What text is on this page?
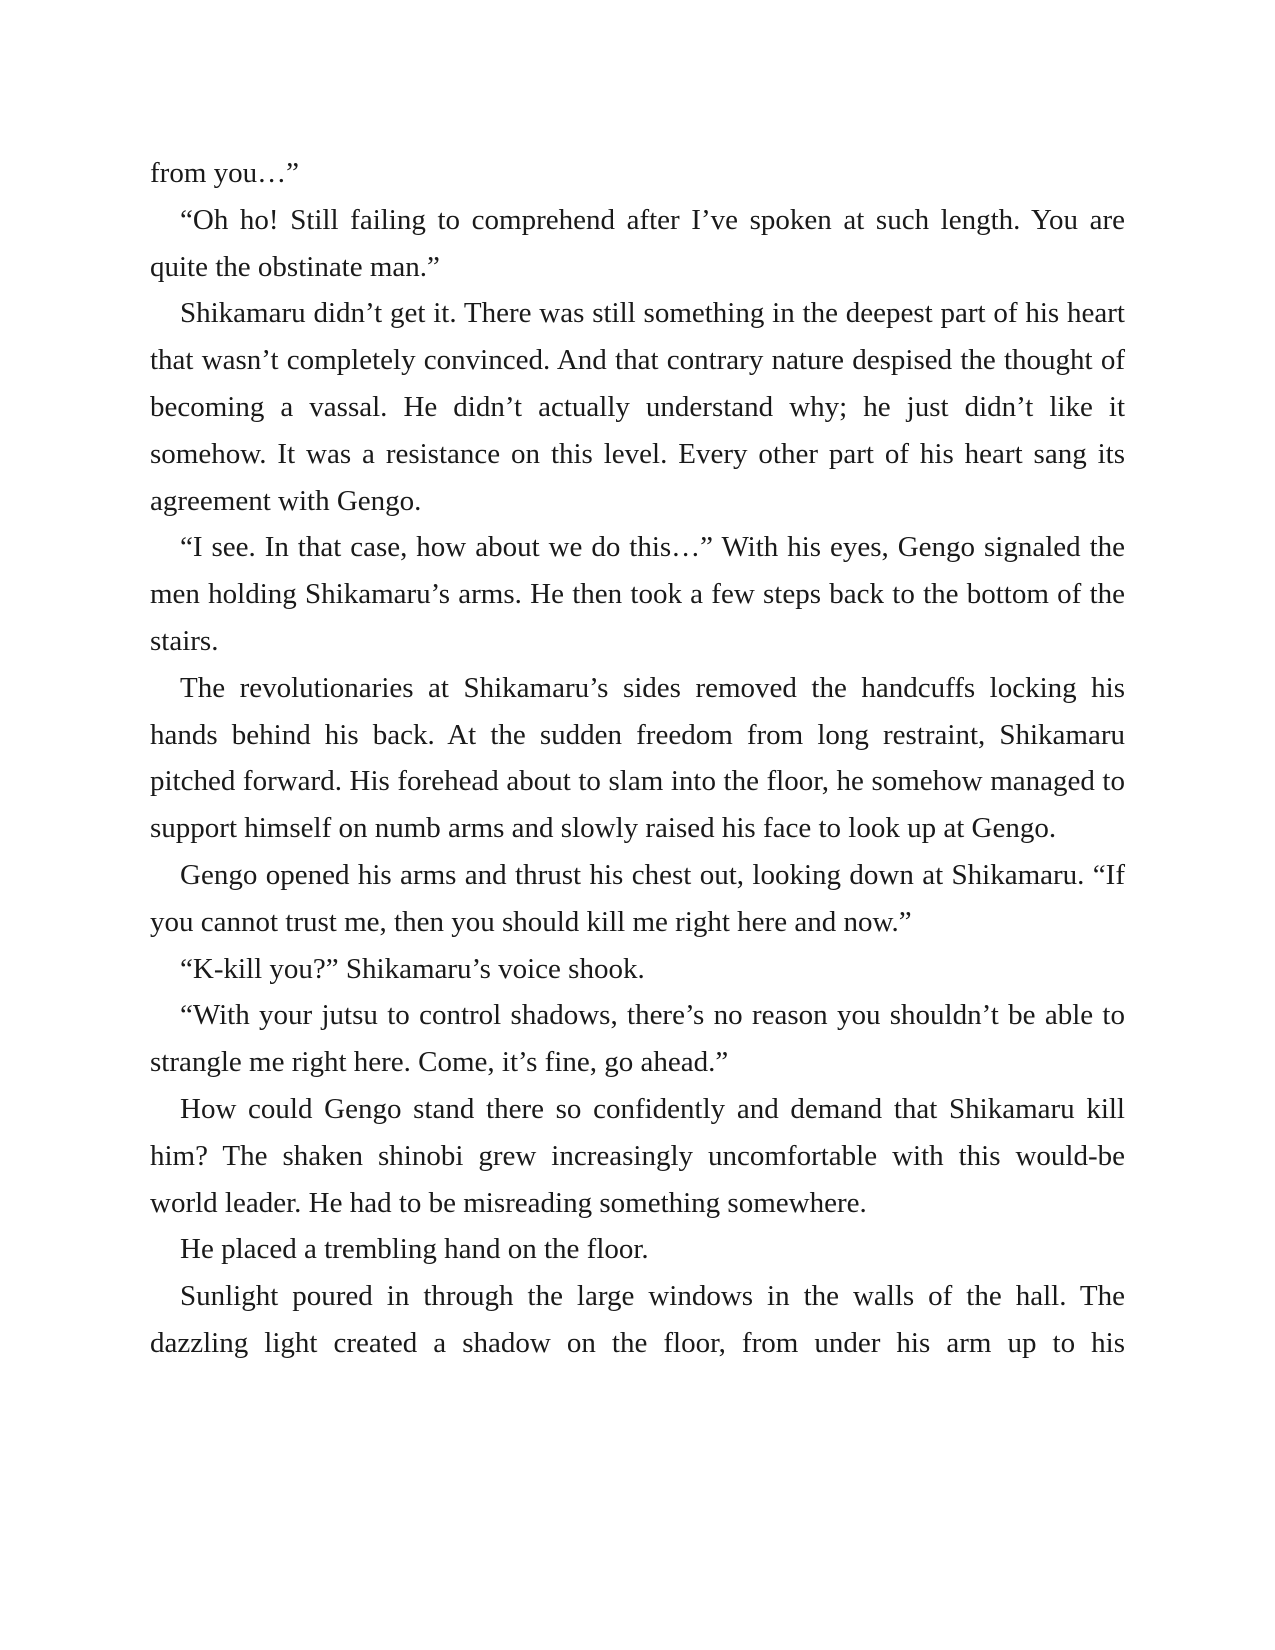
from you…”

“Oh ho! Still failing to comprehend after I’ve spoken at such length. You are quite the obstinate man.”

Shikamaru didn’t get it. There was still something in the deepest part of his heart that wasn’t completely convinced. And that contrary nature despised the thought of becoming a vassal. He didn’t actually understand why; he just didn’t like it somehow. It was a resistance on this level. Every other part of his heart sang its agreement with Gengo.

“I see. In that case, how about we do this…” With his eyes, Gengo signaled the men holding Shikamaru’s arms. He then took a few steps back to the bottom of the stairs.

The revolutionaries at Shikamaru’s sides removed the handcuffs locking his hands behind his back. At the sudden freedom from long restraint, Shikamaru pitched forward. His forehead about to slam into the floor, he somehow managed to support himself on numb arms and slowly raised his face to look up at Gengo.

Gengo opened his arms and thrust his chest out, looking down at Shikamaru. “If you cannot trust me, then you should kill me right here and now.”

“K-kill you?” Shikamaru’s voice shook.

“With your jutsu to control shadows, there’s no reason you shouldn’t be able to strangle me right here. Come, it’s fine, go ahead.”

How could Gengo stand there so confidently and demand that Shikamaru kill him? The shaken shinobi grew increasingly uncomfortable with this would-be world leader. He had to be misreading something somewhere.

He placed a trembling hand on the floor.

Sunlight poured in through the large windows in the walls of the hall. The dazzling light created a shadow on the floor, from under his arm up to his
